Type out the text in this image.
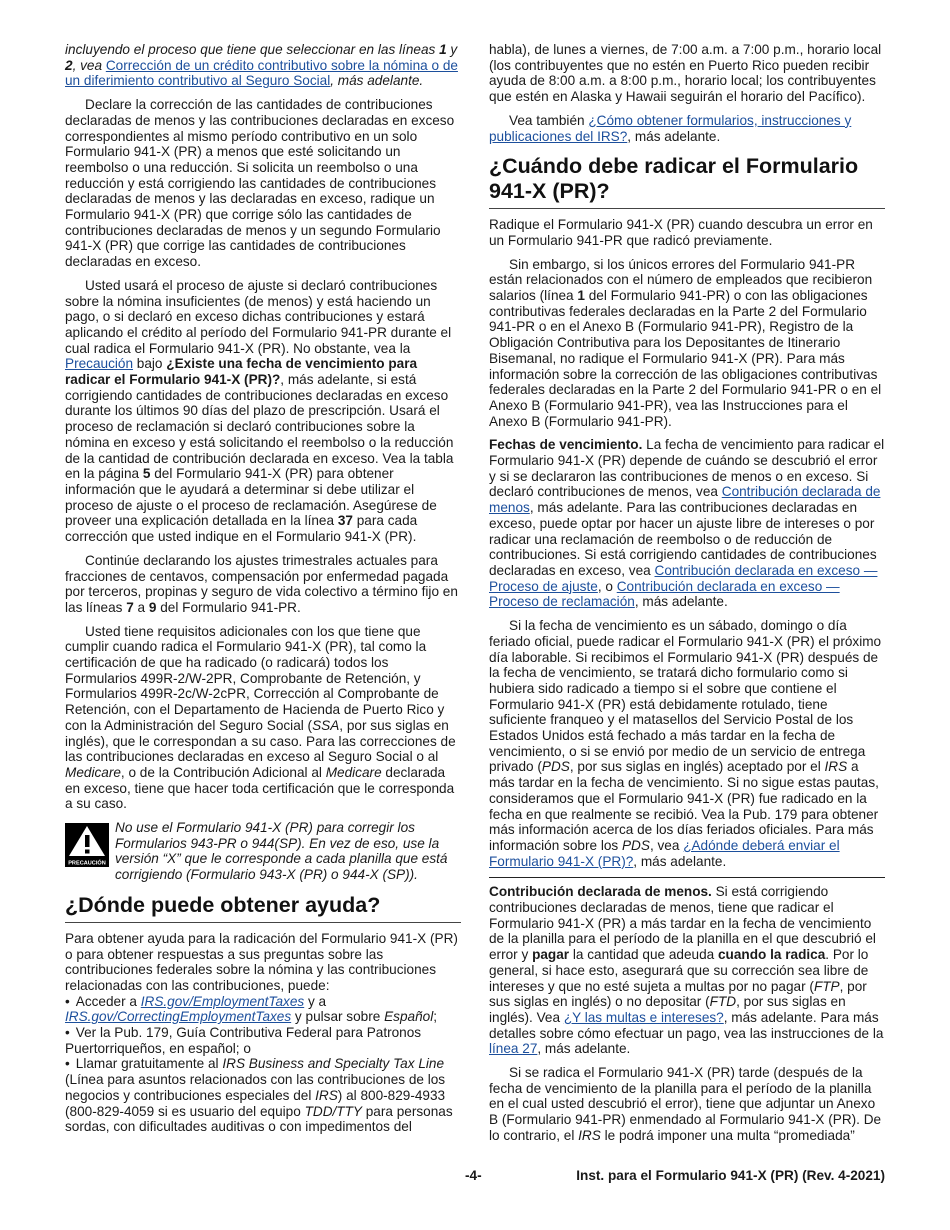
incluyendo el proceso que tiene que seleccionar en las líneas 1 y 2, vea Corrección de un crédito contributivo sobre la nómina o de un diferimiento contributivo al Seguro Social, más adelante.

Declare la corrección de las cantidades de contribuciones declaradas de menos y las contribuciones declaradas en exceso correspondientes al mismo período contributivo en un solo Formulario 941-X (PR) a menos que esté solicitando un reembolso o una reducción. Si solicita un reembolso o una reducción y está corrigiendo las cantidades de contribuciones declaradas de menos y las declaradas en exceso, radique un Formulario 941-X (PR) que corrige sólo las cantidades de contribuciones declaradas de menos y un segundo Formulario 941-X (PR) que corrige las cantidades de contribuciones declaradas en exceso.

Usted usará el proceso de ajuste si declaró contribuciones sobre la nómina insuficientes (de menos) y está haciendo un pago, o si declaró en exceso dichas contribuciones y estará aplicando el crédito al período del Formulario 941-PR durante el cual radica el Formulario 941-X (PR). No obstante, vea la Precaución bajo ¿Existe una fecha de vencimiento para radicar el Formulario 941-X (PR)?, más adelante, si está corrigiendo cantidades de contribuciones declaradas en exceso durante los últimos 90 días del plazo de prescripción. Usará el proceso de reclamación si declaró contribuciones sobre la nómina en exceso y está solicitando el reembolso o la reducción de la cantidad de contribución declarada en exceso. Vea la tabla en la página 5 del Formulario 941-X (PR) para obtener información que le ayudará a determinar si debe utilizar el proceso de ajuste o el proceso de reclamación. Asegúrese de proveer una explicación detallada en la línea 37 para cada corrección que usted indique en el Formulario 941-X (PR).

Continúe declarando los ajustes trimestrales actuales para fracciones de centavos, compensación por enfermedad pagada por terceros, propinas y seguro de vida colectivo a término fijo en las líneas 7 a 9 del Formulario 941-PR.

Usted tiene requisitos adicionales con los que tiene que cumplir cuando radica el Formulario 941-X (PR), tal como la certificación de que ha radicado (o radicará) todos los Formularios 499R-2/W-2PR, Comprobante de Retención, y Formularios 499R-2c/W-2cPR, Corrección al Comprobante de Retención, con el Departamento de Hacienda de Puerto Rico y con la Administración del Seguro Social (SSA, por sus siglas en inglés), que le correspondan a su caso. Para las correcciones de las contribuciones declaradas en exceso al Seguro Social o al Medicare, o de la Contribución Adicional al Medicare declarada en exceso, tiene que hacer toda certificación que le corresponda a su caso.

PRECAUCIÓN
No use el Formulario 941-X (PR) para corregir los Formularios 943-PR o 944(SP). En vez de eso, use la versión “X” que le corresponde a cada planilla que está corrigiendo (Formulario 943-X (PR) o 944-X (SP)).
¿Dónde puede obtener ayuda?

Para obtener ayuda para la radicación del Formulario 941-X (PR) o para obtener respuestas a sus preguntas sobre las contribuciones federales sobre la nómina y las contribuciones relacionadas con las contribuciones, puede:

• Acceder a IRS.gov/EmploymentTaxes y a IRS.gov/CorrectingEmploymentTaxes y pulsar sobre Español;

• Ver la Pub. 179, Guía Contributiva Federal para Patronos Puertorriqueños, en español; o

• Llamar gratuitamente al IRS Business and Specialty Tax Line (Línea para asuntos relacionados con las contribuciones de los negocios y contribuciones especiales del IRS) al 800-829-4933 (800-829-4059 si es usuario del equipo TDD/TTY para personas sordas, con dificultades auditivas o con impedimentos del

habla), de lunes a viernes, de 7:00 a.m. a 7:00 p.m., horario local (los contribuyentes que no estén en Puerto Rico pueden recibir ayuda de 8:00 a.m. a 8:00 p.m., horario local; los contribuyentes que estén en Alaska y Hawaii seguirán el horario del Pacífico).

Vea también ¿Cómo obtener formularios, instrucciones y publicaciones del IRS?, más adelante.

¿Cuándo debe radicar el Formulario 941-X (PR)?

Radique el Formulario 941-X (PR) cuando descubra un error en un Formulario 941-PR que radicó previamente.

Sin embargo, si los únicos errores del Formulario 941-PR están relacionados con el número de empleados que recibieron salarios (línea 1 del Formulario 941-PR) o con las obligaciones contributivas federales declaradas en la Parte 2 del Formulario 941-PR o en el Anexo B (Formulario 941-PR), Registro de la Obligación Contributiva para los Depositantes de Itinerario Bisemanal, no radique el Formulario 941-X (PR). Para más información sobre la corrección de las obligaciones contributivas federales declaradas en la Parte 2 del Formulario 941-PR o en el Anexo B (Formulario 941-PR), vea las Instrucciones para el Anexo B (Formulario 941-PR).

Fechas de vencimiento. La fecha de vencimiento para radicar el Formulario 941-X (PR) depende de cuándo se descubrió el error y si se declararon las contribuciones de menos o en exceso. Si declaró contribuciones de menos, vea Contribución declarada de menos, más adelante. Para las contribuciones declaradas en exceso, puede optar por hacer un ajuste libre de intereses o por radicar una reclamación de reembolso o de reducción de contribuciones. Si está corrigiendo cantidades de contribuciones declaradas en exceso, vea Contribución declarada en exceso —Proceso de ajuste, o Contribución declarada en exceso —Proceso de reclamación, más adelante.

Si la fecha de vencimiento es un sábado, domingo o día feriado oficial, puede radicar el Formulario 941-X (PR) el próximo día laborable. Si recibimos el Formulario 941-X (PR) después de la fecha de vencimiento, se tratará dicho formulario como si hubiera sido radicado a tiempo si el sobre que contiene el Formulario 941-X (PR) está debidamente rotulado, tiene suficiente franqueo y el matasellos del Servicio Postal de los Estados Unidos está fechado a más tardar en la fecha de vencimiento, o si se envió por medio de un servicio de entrega privado (PDS, por sus siglas en inglés) aceptado por el IRS a más tardar en la fecha de vencimiento. Si no sigue estas pautas, consideramos que el Formulario 941-X (PR) fue radicado en la fecha en que realmente se recibió. Vea la Pub. 179 para obtener más información acerca de los días feriados oficiales. Para más información sobre los PDS, vea ¿Adónde deberá enviar el Formulario 941-X (PR)?, más adelante.

Contribución declarada de menos. Si está corrigiendo contribuciones declaradas de menos, tiene que radicar el Formulario 941-X (PR) a más tardar en la fecha de vencimiento de la planilla para el período de la planilla en el que descubrió el error y pagar la cantidad que adeuda cuando la radica. Por lo general, si hace esto, asegurará que su corrección sea libre de intereses y que no esté sujeta a multas por no pagar (FTP, por sus siglas en inglés) o no depositar (FTD, por sus siglas en inglés). Vea ¿Y las multas e intereses?, más adelante. Para más detalles sobre cómo efectuar un pago, vea las instrucciones de la línea 27, más adelante.

Si se radica el Formulario 941-X (PR) tarde (después de la fecha de vencimiento de la planilla para el período de la planilla en el cual usted descubrió el error), tiene que adjuntar un Anexo B (Formulario 941-PR) enmendado al Formulario 941-X (PR). De lo contrario, el IRS le podrá imponer una multa “promediada”

-4-	Inst. para el Formulario 941-X (PR) (Rev. 4-2021)
